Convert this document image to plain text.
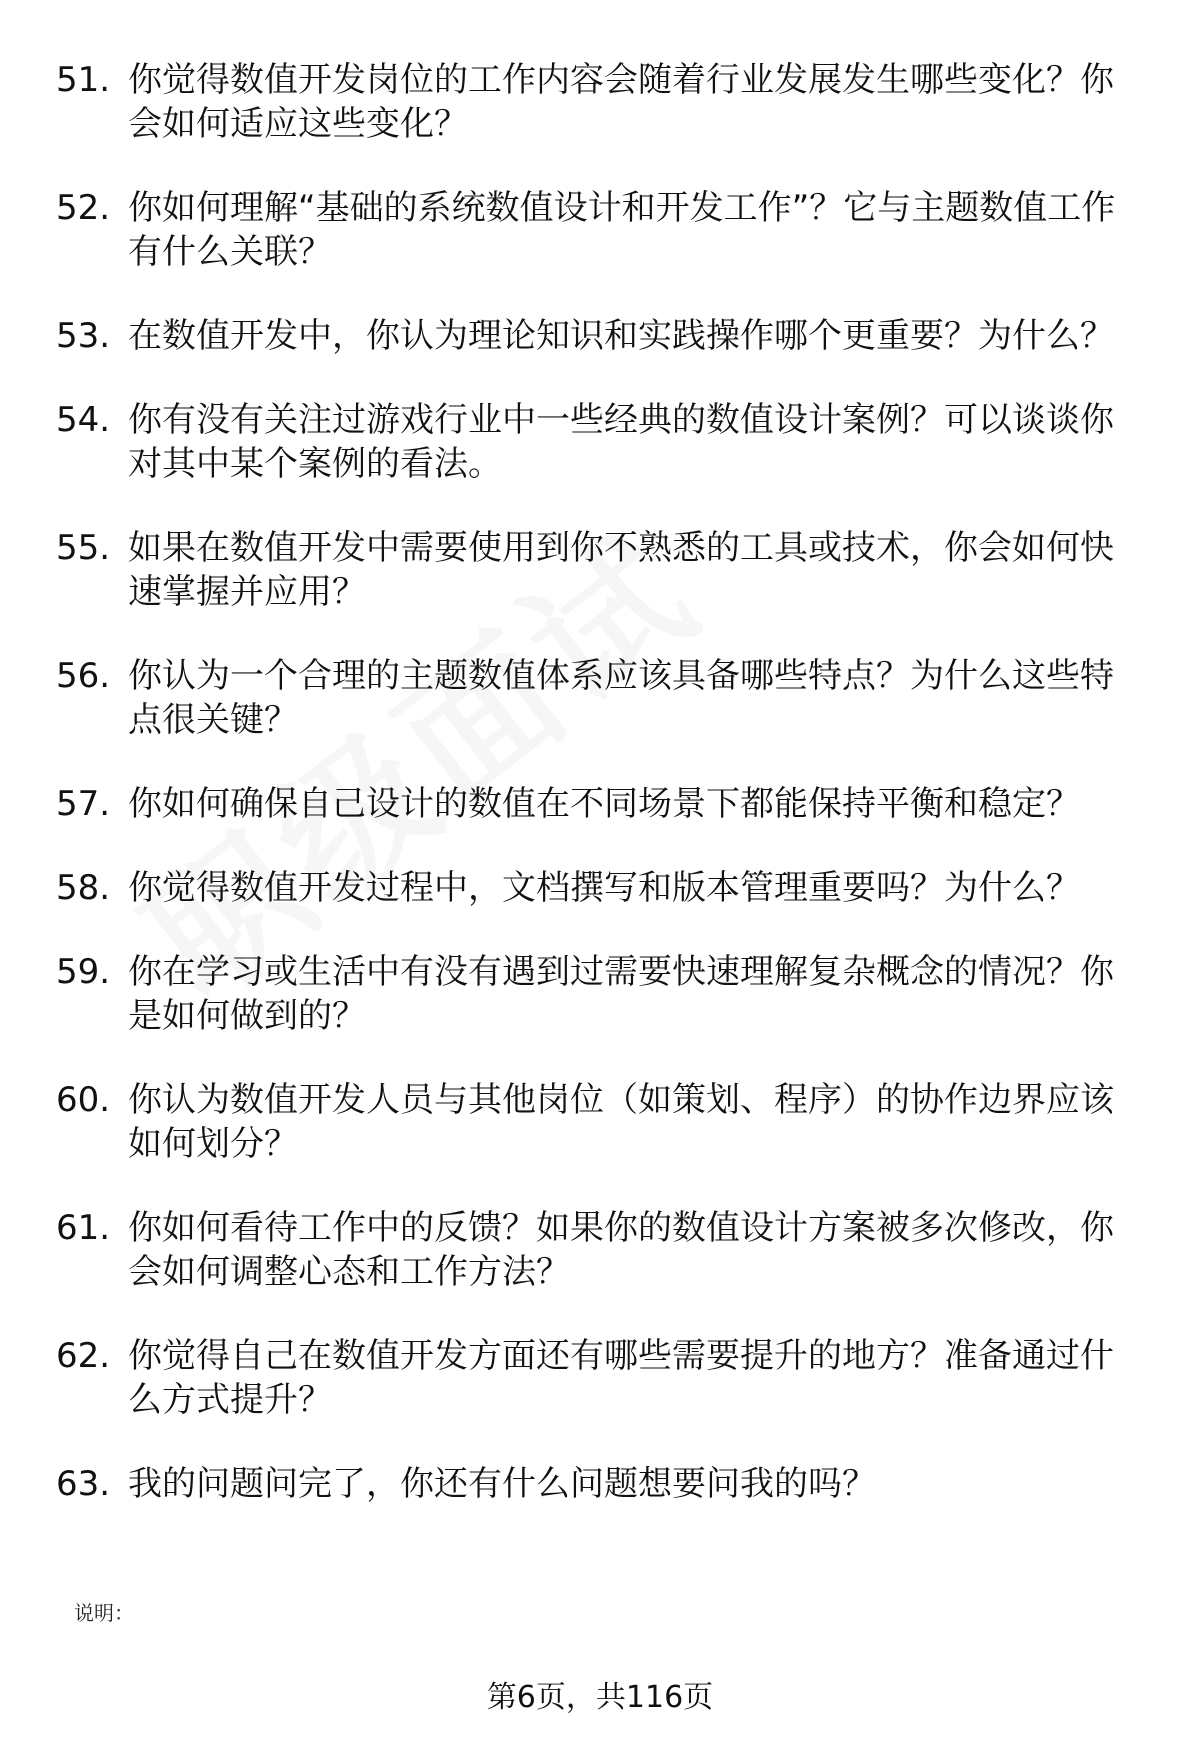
51. 你觉得数值开发岗位的工作内容会随着行业发展发生哪些变化？你会如何适应这些变化？
52. 你如何理解“基础的系统数值设计和开发工作”？它与主题数值工作有什么关联？
53. 在数值开发中，你认为理论知识和实践操作哪个更重要？为什么？
54. 你有没有关注过游戏行业中一些经典的数值设计案例？可以谈谈你对其中某个案例的看法。
55. 如果在数值开发中需要使用到你不熟悉的工具或技术，你会如何快速掌握并应用？
56. 你认为一个合理的主题数值体系应该具备哪些特点？为什么这些特点很关键？
57. 你如何确保自己设计的数值在不同场景下都能保持平衡和稳定？
58. 你觉得数值开发过程中，文档撰写和版本管理重要吗？为什么？
59. 你在学习或生活中有没有遇到过需要快速理解复杂概念的情况？你是如何做到的？
60. 你认为数值开发人员与其他岗位（如策划、程序）的协作边界应该如何划分？
61. 你如何看待工作中的反馈？如果你的数值设计方案被多次修改，你会如何调整心态和工作方法？
62. 你觉得自己在数值开发方面还有哪些需要提升的地方？准备通过什么方式提升？
63. 我的问题问完了，你还有什么问题想要问我的吗？
说明：
第6页，共116页
